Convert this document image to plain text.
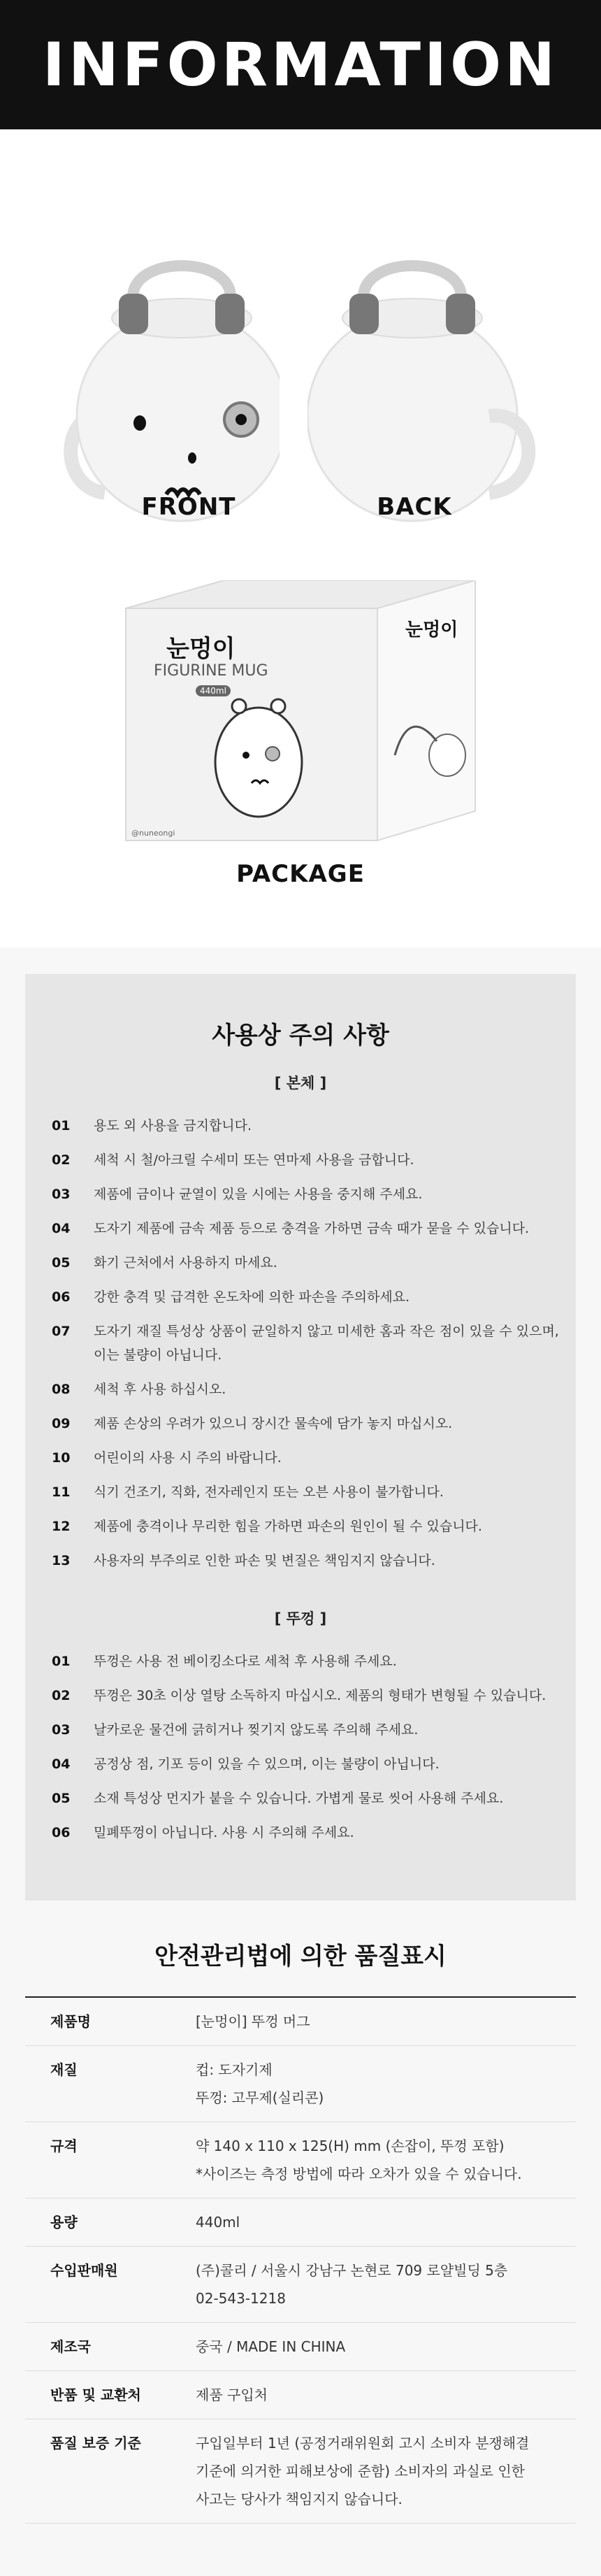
INFORMATION
FRONT	BACK
눈멍이
FIGURINE MUG
440ml
눈멍이
@nuneongi
PACKAGE
사용상 주의 사항
[ 본체 ]
01	용도 외 사용을 금지합니다.
02	세척 시 철/아크릴 수세미 또는 연마제 사용을 금합니다.
03	제품에 금이나 균열이 있을 시에는 사용을 중지해 주세요.
04	도자기 제품에 금속 제품 등으로 충격을 가하면 금속 때가 묻을 수 있습니다.
05	화기 근처에서 사용하지 마세요.
06	강한 충격 및 급격한 온도차에 의한 파손을 주의하세요.
07	도자기 재질 특성상 상품이 균일하지 않고 미세한 홈과 작은 점이 있을 수 있으며, 이는 불량이 아닙니다.
08	세척 후 사용 하십시오.
09	제품 손상의 우려가 있으니 장시간 물속에 담가 놓지 마십시오.
10	어린이의 사용 시 주의 바랍니다.
11	식기 건조기, 직화, 전자레인지 또는 오븐 사용이 불가합니다.
12	제품에 충격이나 무리한 힘을 가하면 파손의 원인이 될 수 있습니다.
13	사용자의 부주의로 인한 파손 및 변질은 책임지지 않습니다.
[ 뚜껑 ]
01	뚜껑은 사용 전 베이킹소다로 세척 후 사용해 주세요.
02	뚜껑은 30초 이상 열탕 소독하지 마십시오. 제품의 형태가 변형될 수 있습니다.
03	날카로운 물건에 긁히거나 찢기지 않도록 주의해 주세요.
04	공정상 점, 기포 등이 있을 수 있으며, 이는 불량이 아닙니다.
05	소재 특성상 먼지가 붙을 수 있습니다. 가볍게 물로 씻어 사용해 주세요.
06	밀폐뚜껑이 아닙니다. 사용 시 주의해 주세요.
안전관리법에 의한 품질표시
제품명	[눈멍이] 뚜껑 머그

재질	컵: 도자기제
뚜껑: 고무제(실리콘)

규격	약 140 x 110 x 125(H) mm (손잡이, 뚜껑 포함)
*사이즈는 측정 방법에 따라 오차가 있을 수 있습니다.

용량	440ml

수입판매원	(주)콜리 / 서울시 강남구 논현로 709 로얄빌딩 5층
02-543-1218

제조국	중국 / MADE IN CHINA

반품 및 교환처	제품 구입처

품질 보증 기준	구입일부터 1년 (공정거래위원회 고시 소비자 분쟁해결
기준에 의거한 피해보상에 준함) 소비자의 과실로 인한
사고는 당사가 책임지지 않습니다.
